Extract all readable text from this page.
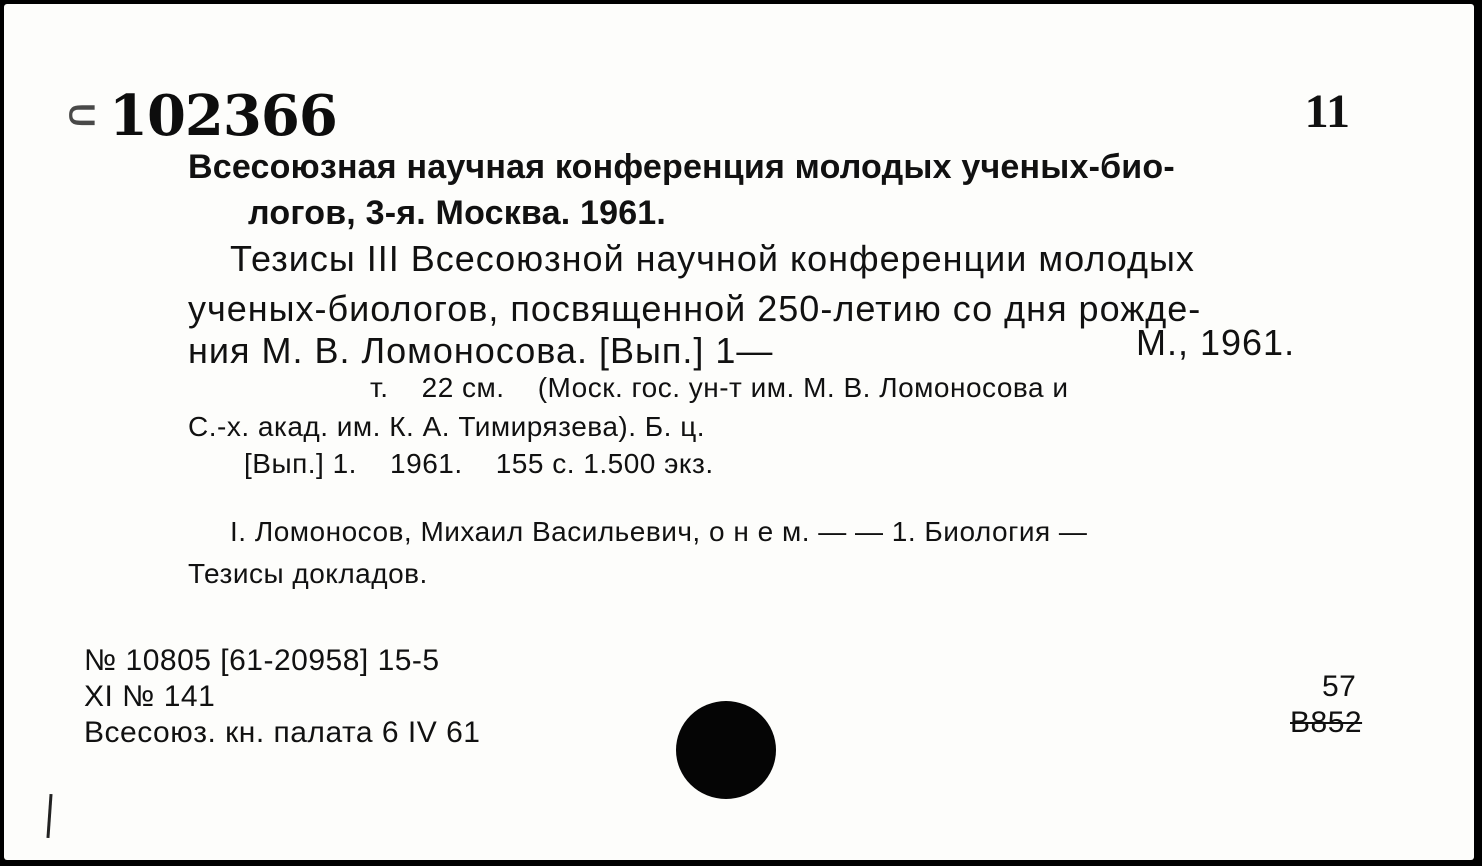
⸦ 102366	11
Всесоюзная научная конференция молодых ученых-био-
логов, 3-я. Москва. 1961.
Тезисы III Всесоюзной научной конференции молодых
ученых-биологов, посвященной 250-летию со дня рожде-
ния М. В. Ломоносова. [Вып.] 1—	М., 1961.
т.    22 см.    (Моск. гос. ун-т им. М. В. Ломоносова и
С.-х. акад. им. К. А. Тимирязева). Б. ц.
[Вып.] 1.    1961.    155 с. 1.500 экз.
I. Ломоносов, Михаил Васильевич, о н е м. — — 1. Биология —
Тезисы докладов.
№ 10805 [61-20958] 15-5
XI № 141
Всесоюз. кн. палата 6 IV 61
57
В852
